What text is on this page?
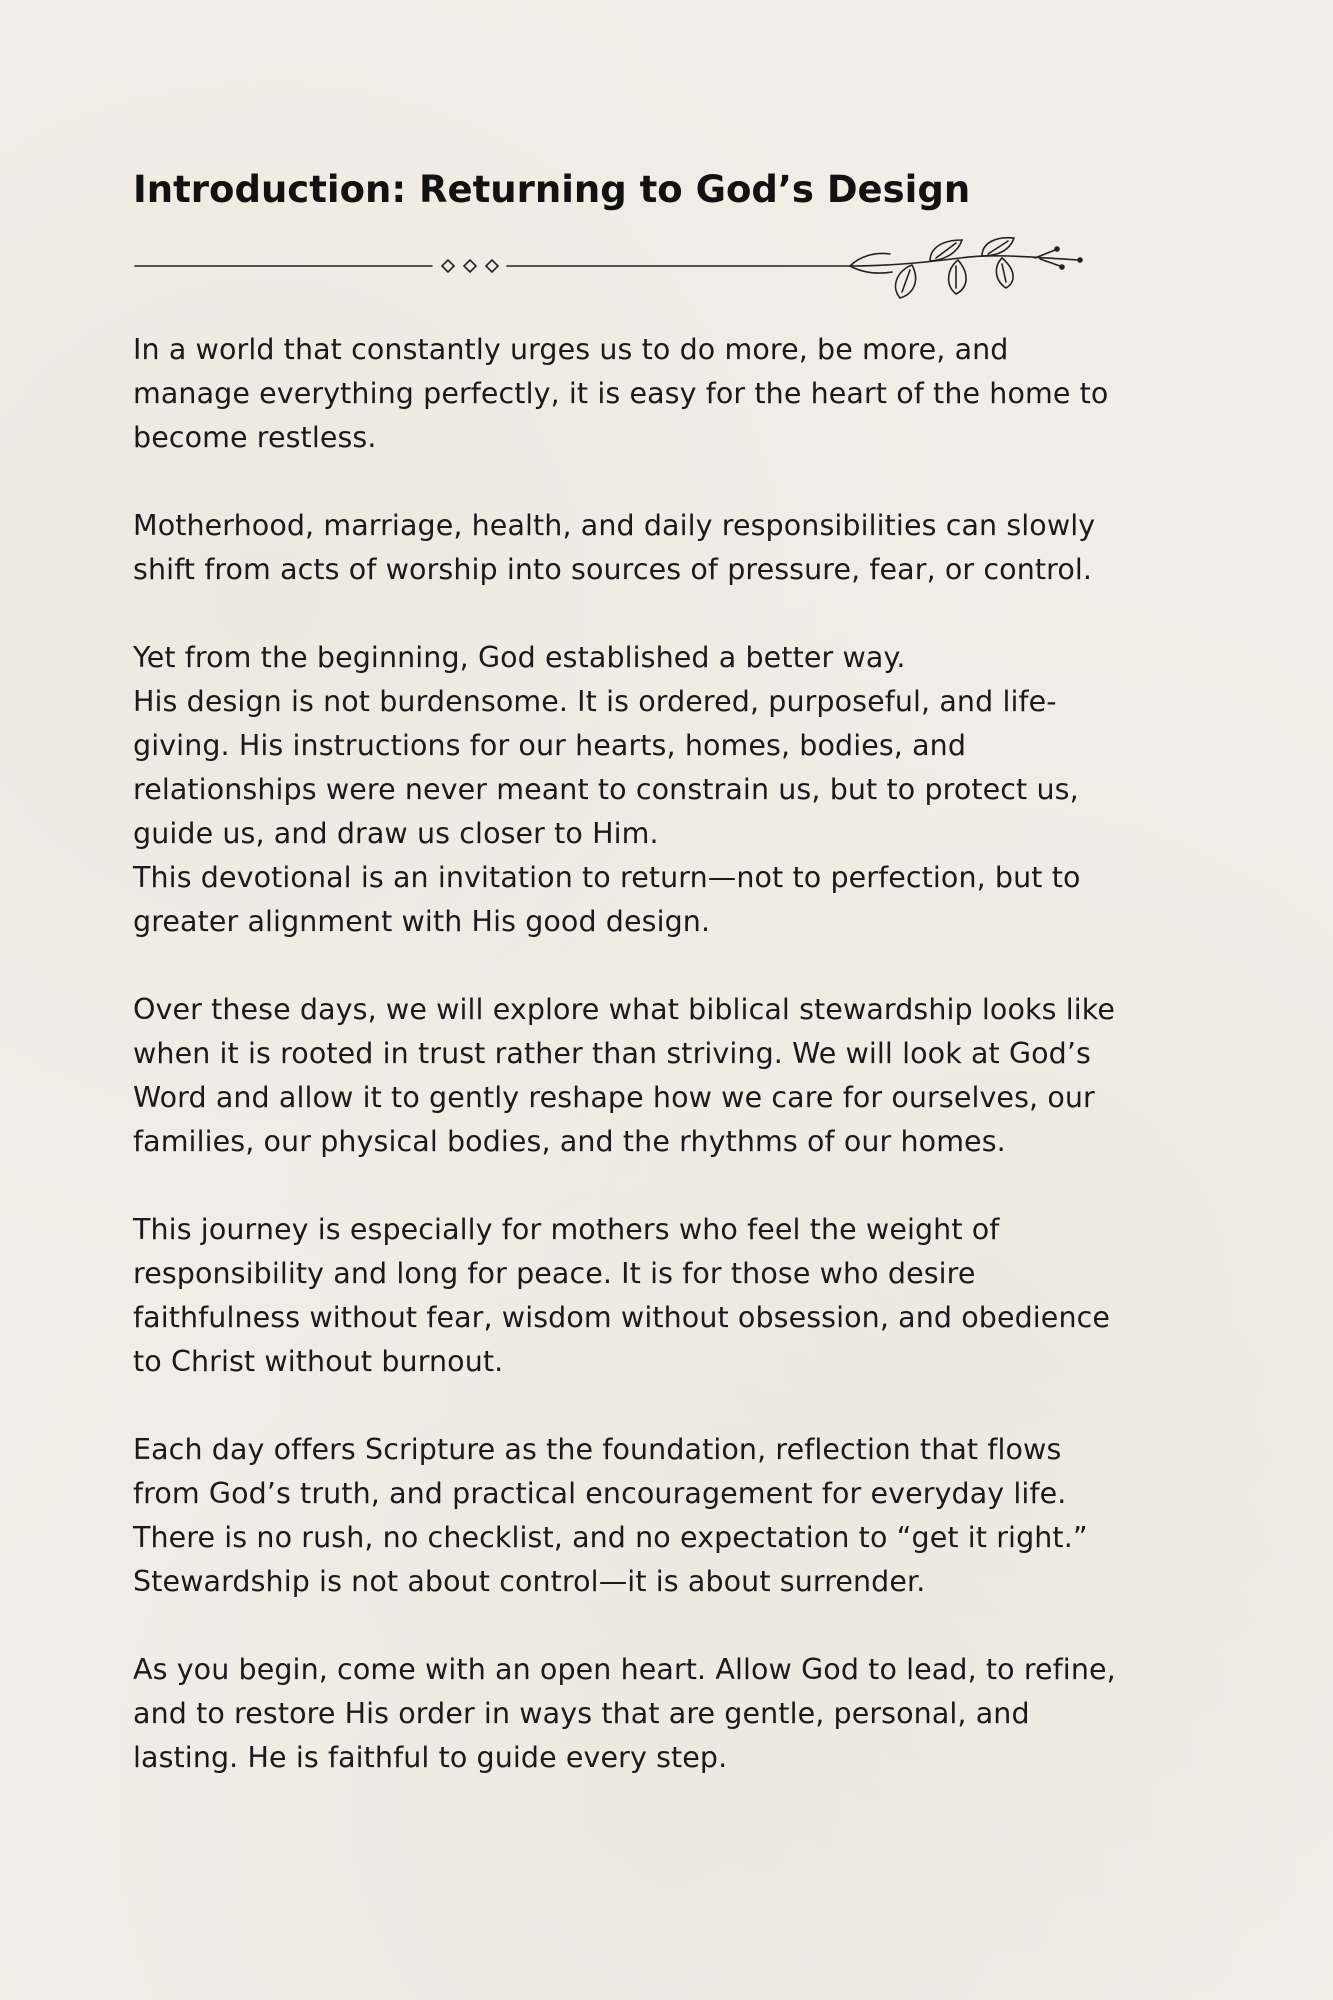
Introduction: Returning to God’s Design

In a world that constantly urges us to do more, be more, and
manage everything perfectly, it is easy for the heart of the home to
become restless.

Motherhood, marriage, health, and daily responsibilities can slowly
shift from acts of worship into sources of pressure, fear, or control.

Yet from the beginning, God established a better way.
His design is not burdensome. It is ordered, purposeful, and life-
giving. His instructions for our hearts, homes, bodies, and
relationships were never meant to constrain us, but to protect us,
guide us, and draw us closer to Him.
This devotional is an invitation to return—not to perfection, but to
greater alignment with His good design.

Over these days, we will explore what biblical stewardship looks like
when it is rooted in trust rather than striving. We will look at God’s
Word and allow it to gently reshape how we care for ourselves, our
families, our physical bodies, and the rhythms of our homes.

This journey is especially for mothers who feel the weight of
responsibility and long for peace. It is for those who desire
faithfulness without fear, wisdom without obsession, and obedience
to Christ without burnout.

Each day offers Scripture as the foundation, reflection that flows
from God’s truth, and practical encouragement for everyday life.
There is no rush, no checklist, and no expectation to “get it right.”
Stewardship is not about control—it is about surrender.

As you begin, come with an open heart. Allow God to lead, to refine,
and to restore His order in ways that are gentle, personal, and
lasting. He is faithful to guide every step.
